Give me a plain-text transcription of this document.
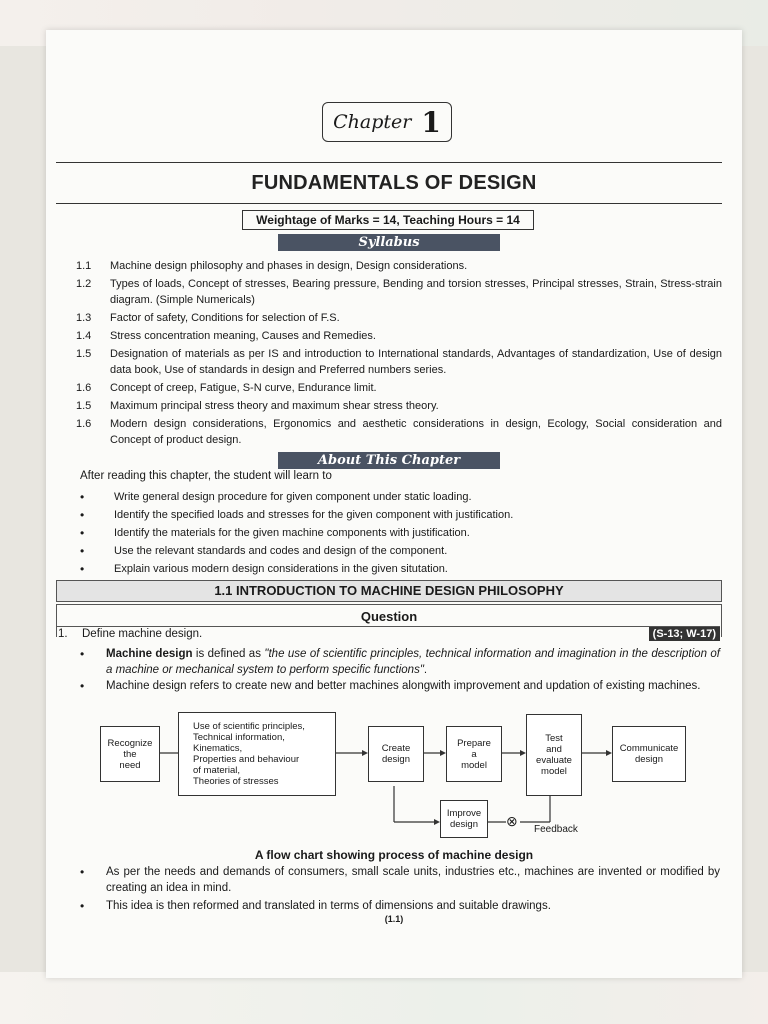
Chapter 1
FUNDAMENTALS OF DESIGN
Weightage of Marks = 14, Teaching Hours = 14
Syllabus
1.1	Machine design philosophy and phases in design, Design considerations.
1.2	Types of loads, Concept of stresses, Bearing pressure, Bending and torsion stresses, Principal stresses, Strain, Stress-strain diagram. (Simple Numericals)
1.3	Factor of safety, Conditions for selection of F.S.
1.4	Stress concentration meaning, Causes and Remedies.
1.5	Designation of materials as per IS and introduction to International standards, Advantages of standardization, Use of design data book, Use of standards in design and Preferred numbers series.
1.6	Concept of creep, Fatigue, S-N curve, Endurance limit.
1.5	Maximum principal stress theory and maximum shear stress theory.
1.6	Modern design considerations, Ergonomics and aesthetic considerations in design, Ecology, Social consideration and Concept of product design.
About This Chapter
After reading this chapter, the student will learn to
•	Write general design procedure for given component under static loading.
•	Identify the specified loads and stresses for the given component with justification.
•	Identify the materials for the given machine components with justification.
•	Use the relevant standards and codes and design of the component.
•	Explain various modern design considerations in the given situtation.
1.1 INTRODUCTION TO MACHINE DESIGN PHILOSOPHY
Question
1. Define machine design.	(S-13; W-17)
•	Machine design is defined as "the use of scientific principles, technical information and imagination in the description of a machine or mechanical system to perform specific functions".
•	Machine design refers to create new and better machines alongwith improvement and updation of existing machines.
Recognize
the
need
Use of scientific principles,
Technical information,
Kinematics,
Properties and behaviour
of material,
Theories of stresses
Create
design
Prepare
a
model
Test
and
evaluate
model
Communicate
design
Improve
design ⊗
Feedback
A flow chart showing process of machine design
•	As per the needs and demands of consumers, small scale units, industries etc., machines are invented or modified by creating an idea in mind.
•	This idea is then reformed and translated in terms of dimensions and suitable drawings.
(1.1)
